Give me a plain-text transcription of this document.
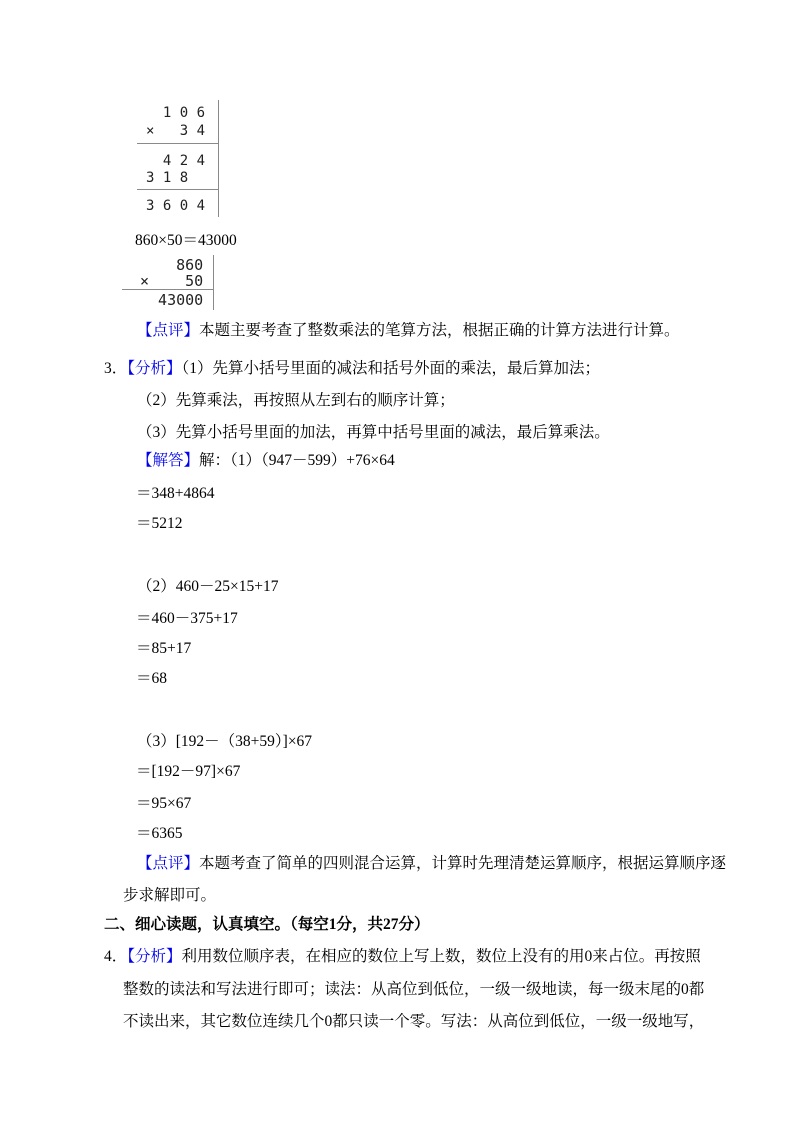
1 0 6
×   3 4
4 2 4
3 1 8
3 6 0 4
860×50＝43000
860
×    50
43000
【点评】本题主要考查了整数乘法的笔算方法，根据正确的计算方法进行计算。
3．【分析】（1）先算小括号里面的减法和括号外面的乘法，最后算加法；
（2）先算乘法，再按照从左到右的顺序计算；
（3）先算小括号里面的加法，再算中括号里面的减法，最后算乘法。
【解答】解：（1）（947－599）+76×64
＝348+4864
＝5212
（2）460－25×15+17
＝460－375+17
＝85+17
＝68
（3）[192－（38+59）]×67
＝[192－97]×67
＝95×67
＝6365
【点评】本题考查了简单的四则混合运算，计算时先理清楚运算顺序，根据运算顺序逐
步求解即可。
二、细心读题，认真填空。（每空1分，共27分）
4．【分析】利用数位顺序表，在相应的数位上写上数，数位上没有的用0来占位。再按照
整数的读法和写法进行即可；读法：从高位到低位，一级一级地读，每一级末尾的0都
不读出来，其它数位连续几个0都只读一个零。写法：从高位到低位，一级一级地写，
